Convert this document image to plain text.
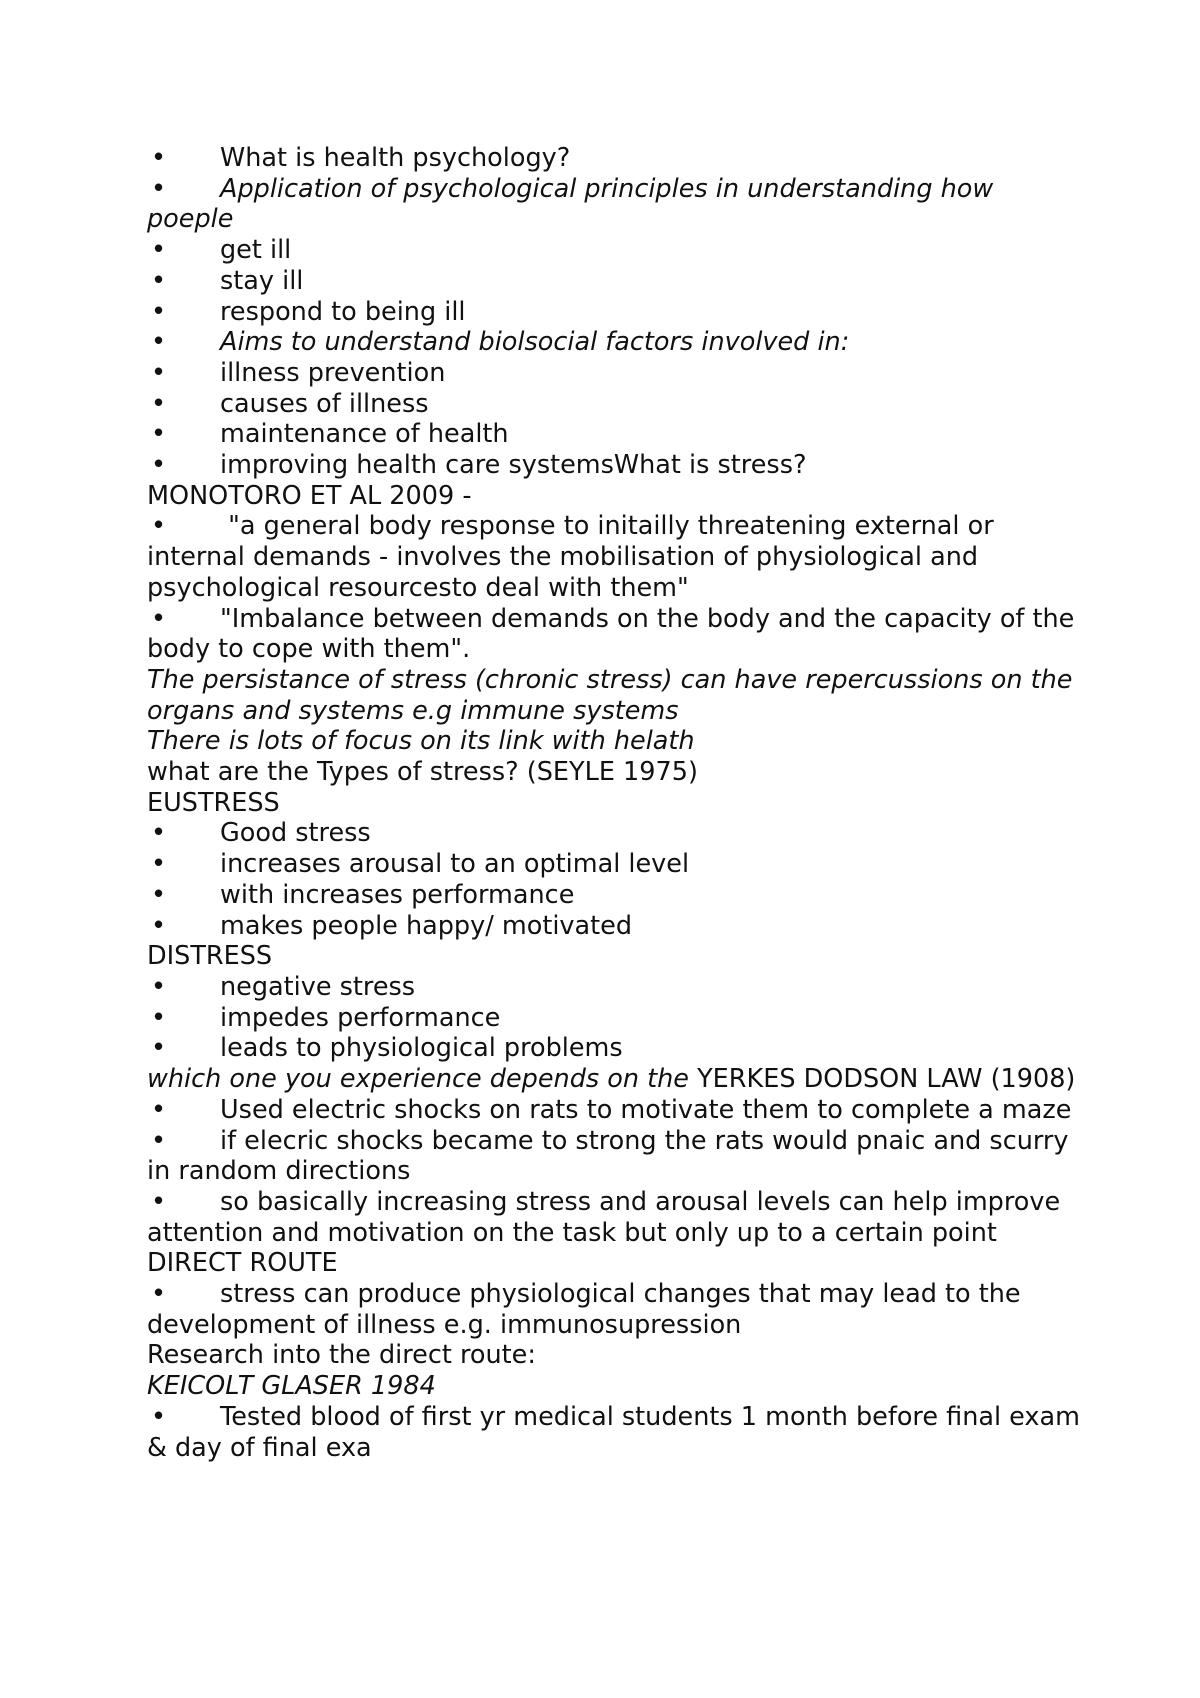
• What is health psychology?

• Application of psychological principles in understanding how poeple

• get ill

• stay ill

• respond to being ill

• Aims to understand biolsocial factors involved in:

• illness prevention

• causes of illness

• maintenance of health

• improving health care systemsWhat is stress?

MONOTORO ET AL 2009 -

• "a general body response to initailly threatening external or internal demands - involves the mobilisation of physiological and psychological resourcesto deal with them"

• "Imbalance between demands on the body and the capacity of the body to cope with them".

The persistance of stress (chronic stress) can have repercussions on the organs and systems e.g immune systems

There is lots of focus on its link with helath

what are the Types of stress? (SEYLE 1975)

EUSTRESS

• Good stress

• increases arousal to an optimal level

• with increases performance

• makes people happy/ motivated

DISTRESS

• negative stress

• impedes performance

• leads to physiological problems

which one you experience depends on the YERKES DODSON LAW (1908)

• Used electric shocks on rats to motivate them to complete a maze

• if elecric shocks became to strong the rats would pnaic and scurry in random directions

• so basically increasing stress and arousal levels can help improve attention and motivation on the task but only up to a certain point

DIRECT ROUTE

• stress can produce physiological changes that may lead to the development of illness e.g. immunosupression

Research into the direct route:

KEICOLT GLASER 1984

• Tested blood of first yr medical students 1 month before final exam & day of final exa
